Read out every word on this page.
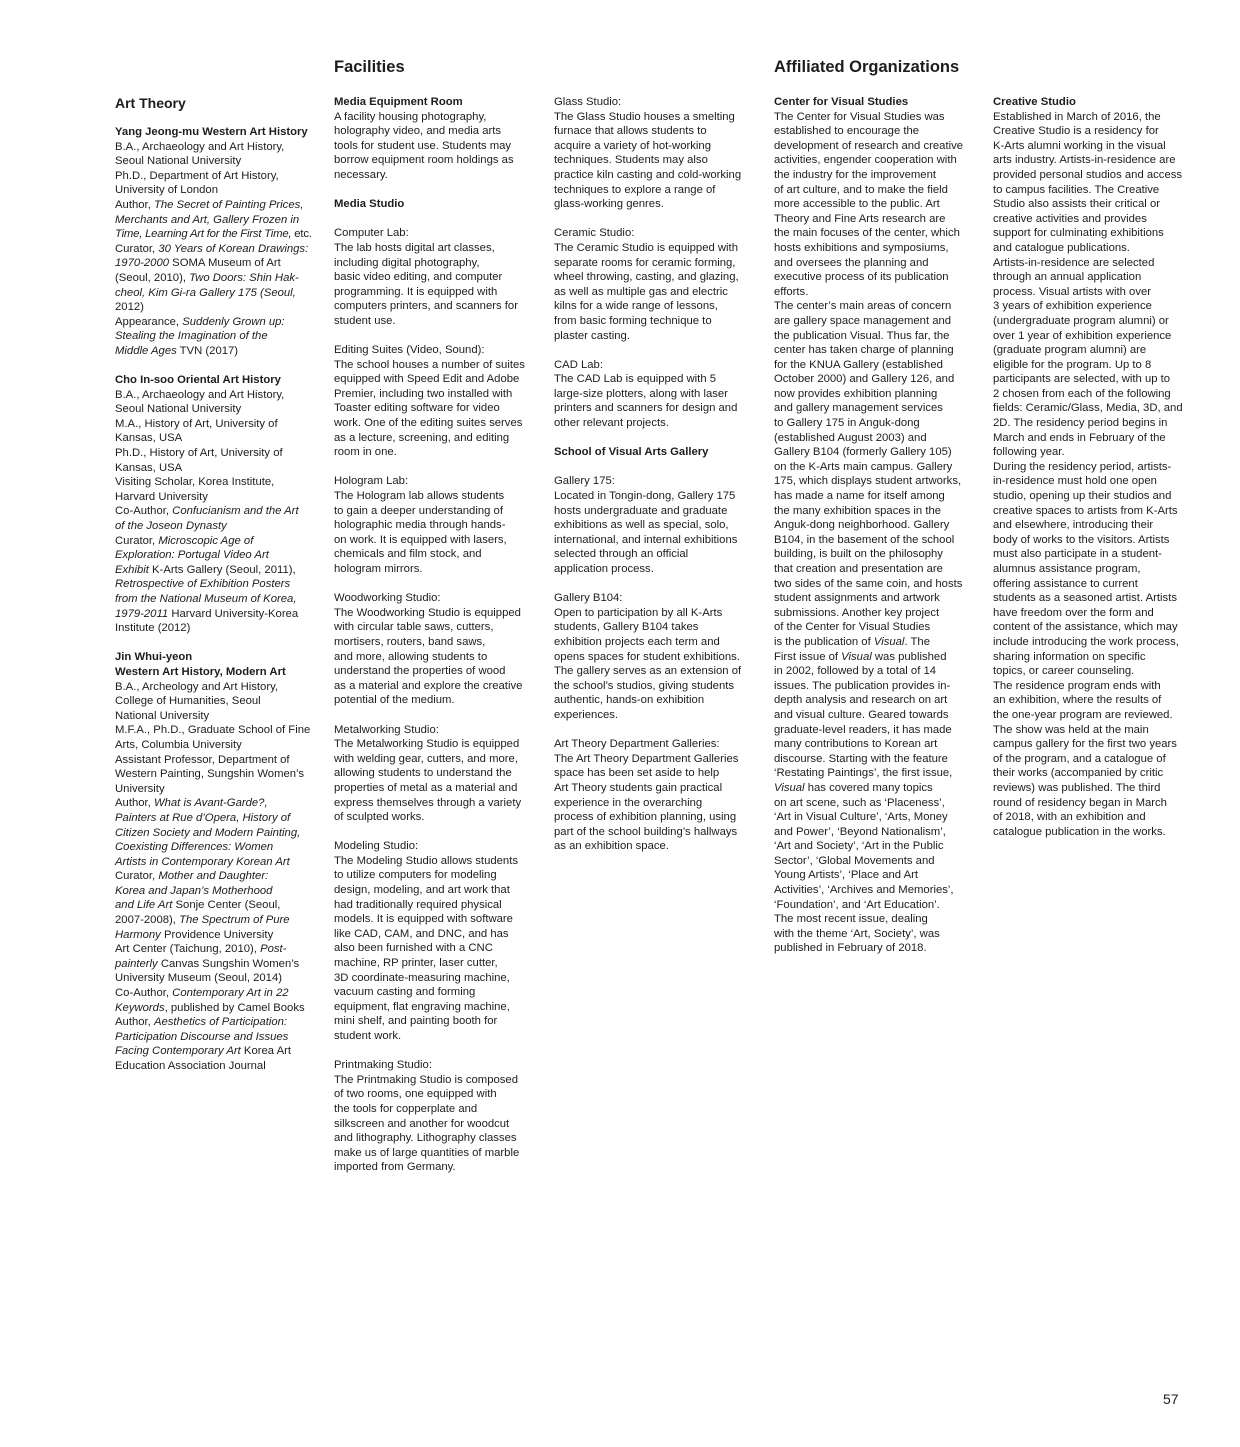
Facilities	Affiliated Organizations
Art Theory

Yang Jeong-mu Western Art History

B.A., Archaeology and Art History,

Seoul National University

Ph.D., Department of Art History,

University of London

Author, The Secret of Painting Prices,

Merchants and Art, Gallery Frozen in

Time, Learning Art for the First Time, etc.

Curator, 30 Years of Korean Drawings:

1970-2000 SOMA Museum of Art

(Seoul, 2010), Two Doors: Shin Hak-

cheol, Kim Gi-ra Gallery 175 (Seoul,

2012)

Appearance, Suddenly Grown up:

Stealing the Imagination of the

Middle Ages TVN (2017)

Cho In-soo Oriental Art History

B.A., Archaeology and Art History,

Seoul National University

M.A., History of Art, University of

Kansas, USA

Ph.D., History of Art, University of

Kansas, USA

Visiting Scholar, Korea Institute,

Harvard University

Co-Author, Confucianism and the Art

of the Joseon Dynasty

Curator, Microscopic Age of

Exploration: Portugal Video Art

Exhibit K-Arts Gallery (Seoul, 2011),

Retrospective of Exhibition Posters

from the National Museum of Korea,

1979-2011 Harvard University-Korea

Institute (2012)

Jin Whui-yeon

Western Art History, Modern Art

B.A., Archeology and Art History,

College of Humanities, Seoul

National University

M.F.A., Ph.D., Graduate School of Fine

Arts, Columbia University

Assistant Professor, Department of

Western Painting, Sungshin Women’s

University

Author, What is Avant-Garde?,

Painters at Rue d’Opera, History of

Citizen Society and Modern Painting,

Coexisting Differences: Women

Artists in Contemporary Korean Art

Curator, Mother and Daughter:

Korea and Japan’s Motherhood

and Life Art Sonje Center (Seoul,

2007-2008), The Spectrum of Pure

Harmony Providence University

Art Center (Taichung, 2010), Post-

painterly Canvas Sungshin Women’s

University Museum (Seoul, 2014)

Co-Author, Contemporary Art in 22

Keywords, published by Camel Books

Author, Aesthetics of Participation:

Participation Discourse and Issues

Facing Contemporary Art Korea Art

Education Association Journal

Media Equipment Room

A facility housing photography,

holography video, and media arts

tools for student use. Students may

borrow equipment room holdings as

necessary.

Media Studio

Computer Lab:

The lab hosts digital art classes,

including digital photography,

basic video editing, and computer

programming. It is equipped with

computers printers, and scanners for

student use.

Editing Suites (Video, Sound):

The school houses a number of suites

equipped with Speed Edit and Adobe

Premier, including two installed with

Toaster editing software for video

work. One of the editing suites serves

as a lecture, screening, and editing

room in one.

Hologram Lab:

The Hologram lab allows students

to gain a deeper understanding of

holographic media through hands-

on work. It is equipped with lasers,

chemicals and film stock, and

hologram mirrors.

Woodworking Studio:

The Woodworking Studio is equipped

with circular table saws, cutters,

mortisers, routers, band saws,

and more, allowing students to

understand the properties of wood

as a material and explore the creative

potential of the medium.

Metalworking Studio:

The Metalworking Studio is equipped

with welding gear, cutters, and more,

allowing students to understand the

properties of metal as a material and

express themselves through a variety

of sculpted works.

Modeling Studio:

The Modeling Studio allows students

to utilize computers for modeling

design, modeling, and art work that

had traditionally required physical

models. It is equipped with software

like CAD, CAM, and DNC, and has

also been furnished with a CNC

machine, RP printer, laser cutter,

3D coordinate-measuring machine,

vacuum casting and forming

equipment, flat engraving machine,

mini shelf, and painting booth for

student work.

Printmaking Studio:

The Printmaking Studio is composed

of two rooms, one equipped with

the tools for copperplate and

silkscreen and another for woodcut

and lithography. Lithography classes

make us of large quantities of marble

imported from Germany.

Glass Studio:

The Glass Studio houses a smelting

furnace that allows students to

acquire a variety of hot-working

techniques. Students may also

practice kiln casting and cold-working

techniques to explore a range of

glass-working genres.

Ceramic Studio:

The Ceramic Studio is equipped with

separate rooms for ceramic forming,

wheel throwing, casting, and glazing,

as well as multiple gas and electric

kilns for a wide range of lessons,

from basic forming technique to

plaster casting.

CAD Lab:

The CAD Lab is equipped with 5

large-size plotters, along with laser

printers and scanners for design and

other relevant projects.

School of Visual Arts Gallery

Gallery 175:

Located in Tongin-dong, Gallery 175

hosts undergraduate and graduate

exhibitions as well as special, solo,

international, and internal exhibitions

selected through an official

application process.

Gallery B104:

Open to participation by all K-Arts

students, Gallery B104 takes

exhibition projects each term and

opens spaces for student exhibitions.

The gallery serves as an extension of

the school’s studios, giving students

authentic, hands-on exhibition

experiences.

Art Theory Department Galleries:

The Art Theory Department Galleries

space has been set aside to help

Art Theory students gain practical

experience in the overarching

process of exhibition planning, using

part of the school building’s hallways

as an exhibition space.

Center for Visual Studies

The Center for Visual Studies was

established to encourage the

development of research and creative

activities, engender cooperation with

the industry for the improvement

of art culture, and to make the field

more accessible to the public. Art

Theory and Fine Arts research are

the main focuses of the center, which

hosts exhibitions and symposiums,

and oversees the planning and

executive process of its publication

efforts.

The center’s main areas of concern

are gallery space management and

the publication Visual. Thus far, the

center has taken charge of planning

for the KNUA Gallery (established

October 2000) and Gallery 126, and

now provides exhibition planning

and gallery management services

to Gallery 175 in Anguk-dong

(established August 2003) and

Gallery B104 (formerly Gallery 105)

on the K-Arts main campus. Gallery

175, which displays student artworks,

has made a name for itself among

the many exhibition spaces in the

Anguk-dong neighborhood. Gallery

B104, in the basement of the school

building, is built on the philosophy

that creation and presentation are

two sides of the same coin, and hosts

student assignments and artwork

submissions. Another key project

of the Center for Visual Studies

is the publication of Visual. The

First issue of Visual was published

in 2002, followed by a total of 14

issues. The publication provides in-

depth analysis and research on art

and visual culture. Geared towards

graduate-level readers, it has made

many contributions to Korean art

discourse. Starting with the feature

‘Restating Paintings’, the first issue,

Visual has covered many topics

on art scene, such as ‘Placeness’,

‘Art in Visual Culture’, ‘Arts, Money

and Power’, ‘Beyond Nationalism’,

‘Art and Society’, ‘Art in the Public

Sector’, ‘Global Movements and

Young Artists’, ‘Place and Art

Activities’, ‘Archives and Memories’,

‘Foundation’, and ‘Art Education’.

The most recent issue, dealing

with the theme ‘Art, Society’, was

published in February of 2018.

Creative Studio

Established in March of 2016, the

Creative Studio is a residency for

K-Arts alumni working in the visual

arts industry. Artists-in-residence are

provided personal studios and access

to campus facilities. The Creative

Studio also assists their critical or

creative activities and provides

support for culminating exhibitions

and catalogue publications.

Artists-in-residence are selected

through an annual application

process. Visual artists with over

3 years of exhibition experience

(undergraduate program alumni) or

over 1 year of exhibition experience

(graduate program alumni) are

eligible for the program. Up to 8

participants are selected, with up to

2 chosen from each of the following

fields: Ceramic/Glass, Media, 3D, and

2D. The residency period begins in

March and ends in February of the

following year.

During the residency period, artists-

in-residence must hold one open

studio, opening up their studios and

creative spaces to artists from K-Arts

and elsewhere, introducing their

body of works to the visitors. Artists

must also participate in a student-

alumnus assistance program,

offering assistance to current

students as a seasoned artist. Artists

have freedom over the form and

content of the assistance, which may

include introducing the work process,

sharing information on specific

topics, or career counseling.

The residence program ends with

an exhibition, where the results of

the one-year program are reviewed.

The show was held at the main

campus gallery for the first two years

of the program, and a catalogue of

their works (accompanied by critic

reviews) was published. The third

round of residency began in March

of 2018, with an exhibition and

catalogue publication in the works.

57
